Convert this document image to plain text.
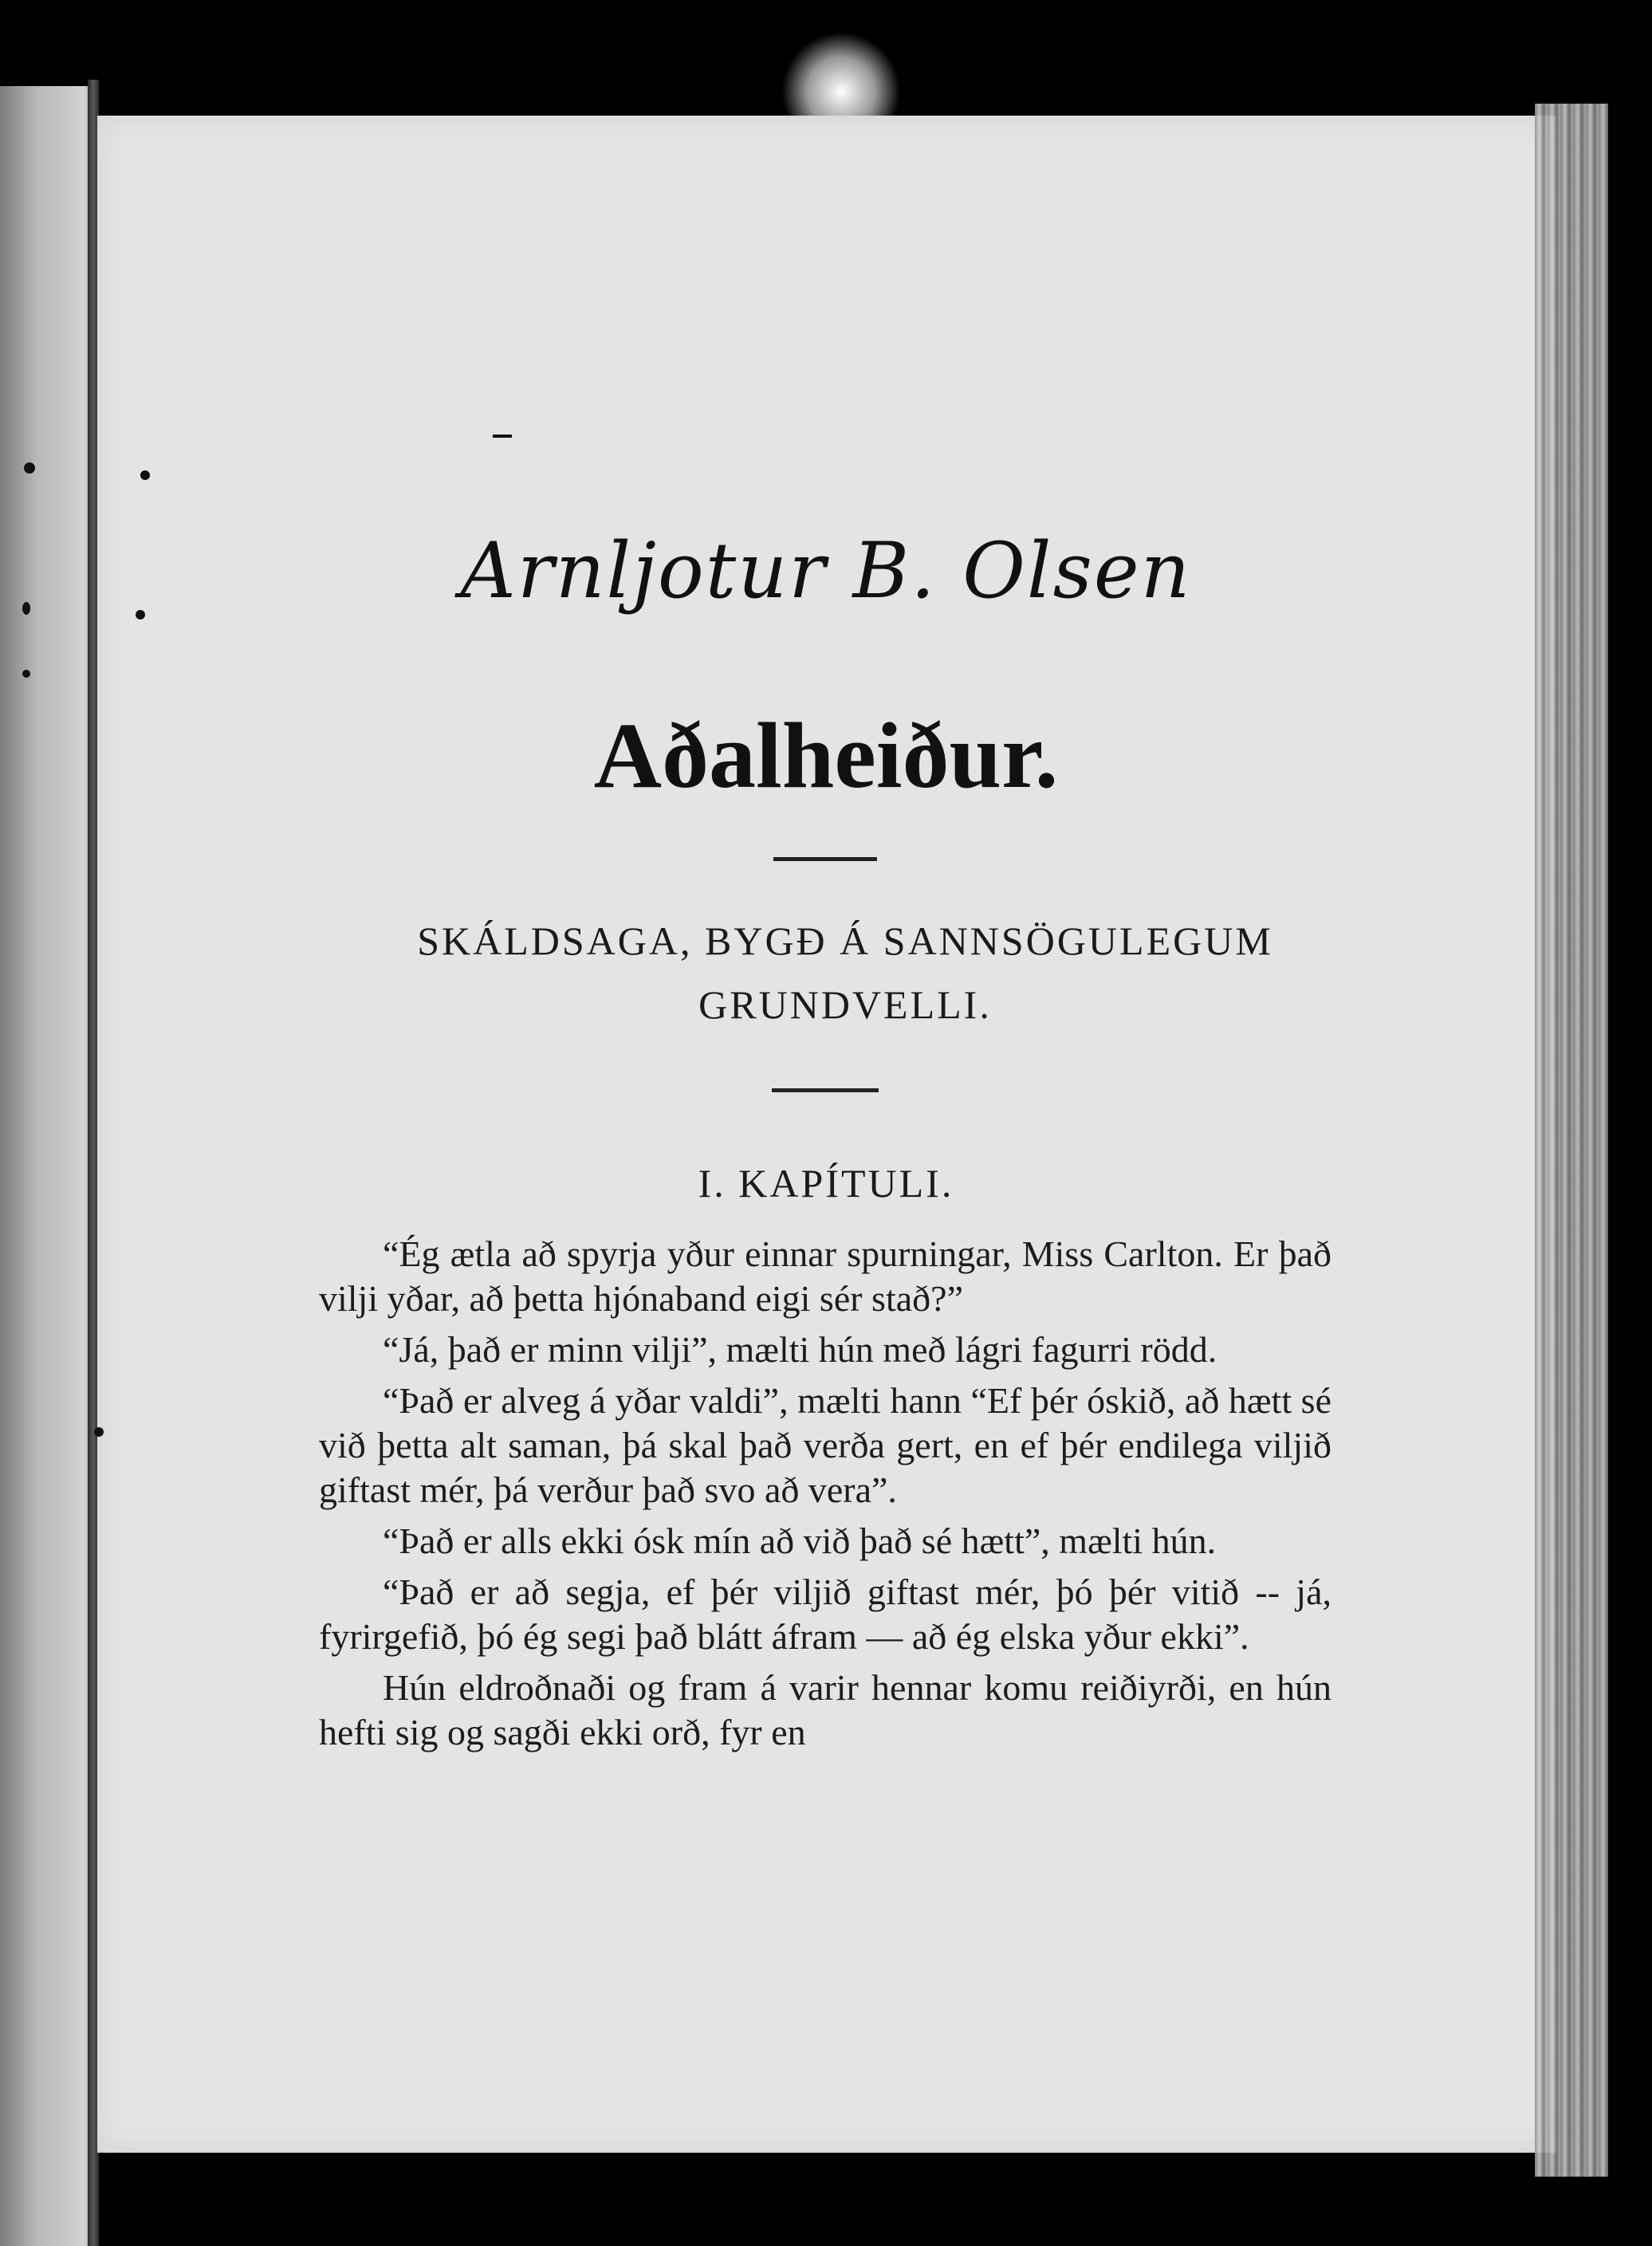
Arnljotur B. Olsen
Aðalheiður.
SKÁLDSAGA, BYGÐ Á SANNSÖGULEGUM
GRUNDVELLI.
I. KAPÍTULI.

“Ég ætla að spyrja yður einnar spurningar, Miss Carlton. Er það vilji yðar, að þetta hjónaband eigi sér stað?”

“Já, það er minn vilji”, mælti hún með lágri fagurri rödd.

“Það er alveg á yðar valdi”, mælti hann “Ef þér óskið, að hætt sé við þetta alt saman, þá skal það verða gert, en ef þér endilega viljið giftast mér, þá verður það svo að vera”.

“Það er alls ekki ósk mín að við það sé hætt”, mælti hún.

“Það er að segja, ef þér viljið giftast mér, þó þér vitið -- já, fyrirgefið, þó ég segi það blátt áfram — að ég elska yður ekki”.

Hún eldroðnaði og fram á varir hennar komu reiðiyrði, en hún hefti sig og sagði ekki orð, fyr en
